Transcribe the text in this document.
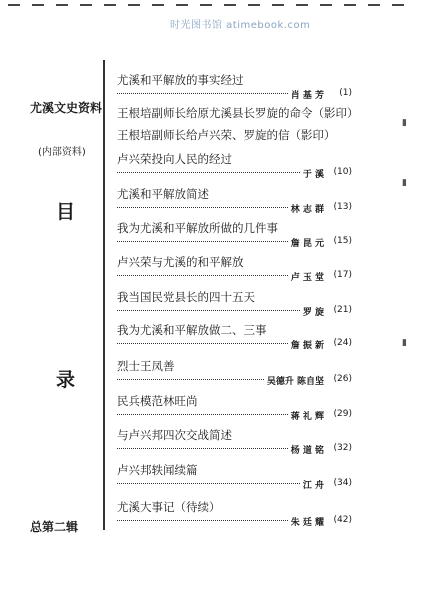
时光图书馆 atimebook.com
尤溪文史资料
(内部资料)
目
录
总第二辑
▮
▮
▮
尤溪和平解放的事实经过
肖 基 芳 (1)
王根培副师长给原尤溪县长罗旋的命令（影印）
王根培副师长给卢兴荣、罗旋的信（影印）
卢兴荣投向人民的经过
于 溪 (10)
尤溪和平解放简述
林 志 群 (13)
我为尤溪和平解放所做的几件事
詹 昆 元 (15)
卢兴荣与尤溪的和平解放
卢 玉 堂 (17)
我当国民党县长的四十五天
罗 旋 (21)
我为尤溪和平解放做二、三事
詹 振 新 (24)
烈士王凤善
吴德升 陈自坚 (26)
民兵模范林旺尚
蒋 礼 辉 (29)
与卢兴邦四次交战简述
杨 道 铭 (32)
卢兴邦轶闻续篇
江 舟 (34)
尤溪大事记（待续）
朱 廷 耀 (42)
